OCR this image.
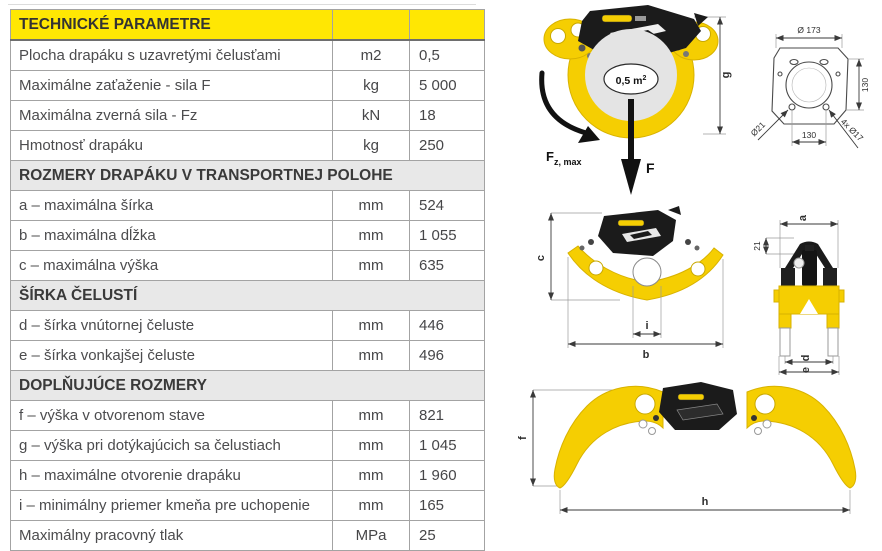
TECHNICKÉ PARAMETRE		
Plocha drapáku s uzavretými čelusťami	m2	0,5
Maximálne zaťaženie - sila F	kg	5 000
Maximálna zverná sila - Fz	kN	18
Hmotnosť drapáku	kg	250
ROZMERY DRAPÁKU V TRANSPORTNEJ POLOHE		
a – maximálna šírka	mm	524
b – maximálna dĺžka	mm	1 055
c – maximálna výška	mm	635
ŠÍRKA ČELUSTÍ		
d – šírka vnútornej čeluste	mm	446
e – šírka vonkajšej čeluste	mm	496
DOPLŇUJÚCE ROZMERY		
f – výška v otvorenom stave	mm	821
g – výška pri dotýkajúcich sa čelustiach	mm	1 045
h – maximálne otvorenie drapáku	mm	1 960
i – minimálny priemer kmeňa pre uchopenie	mm	165
Maximálny pracovný tlak	MPa	25
g
0,5 $m^2$
$F_{z, max}$	F
Ø 173
130
130
Ø21	4x Ø17
c
i
b
a
21
d
e
f
h
